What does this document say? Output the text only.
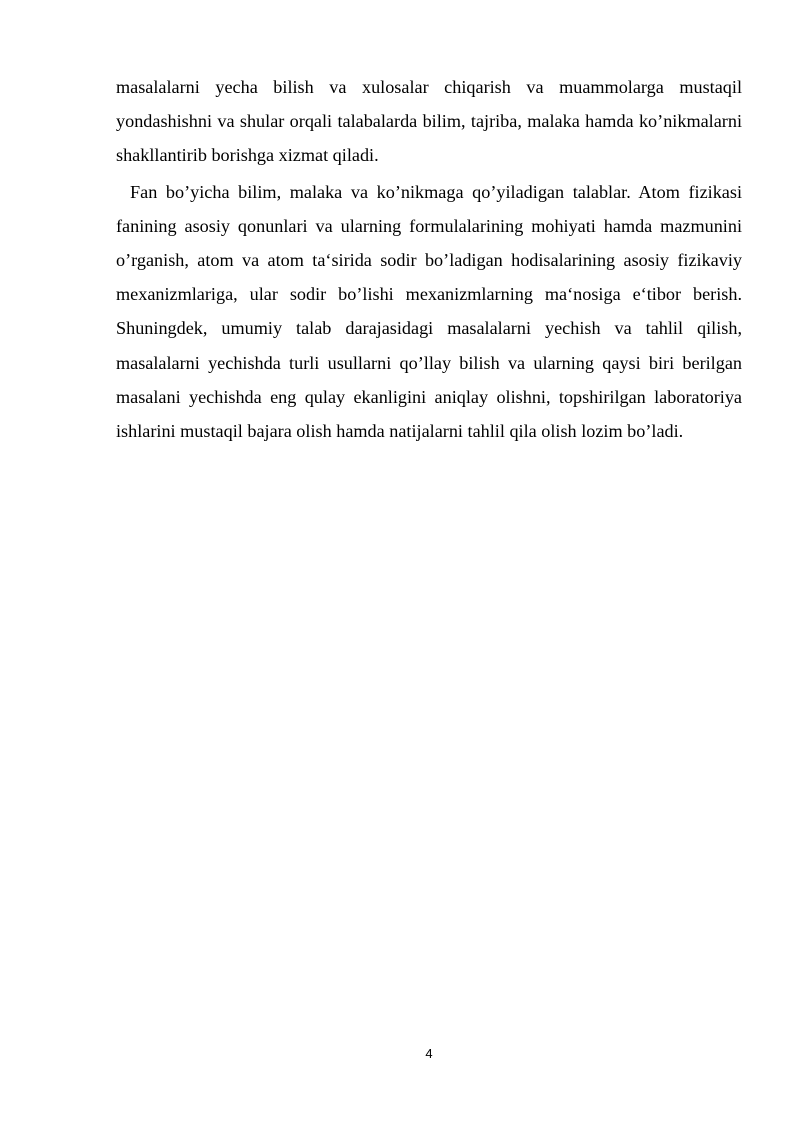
masalalarni yecha bilish va xulosalar chiqarish va muammolarga mustaqil yondashishni va shular orqali talabalarda bilim, tajriba, malaka hamda ko’nikmalarni shakllantirib borishga xizmat qiladi.

Fan bo’yicha bilim, malaka va ko’nikmaga qo’yiladigan talablar. Atom fizikasi fanining asosiy qonunlari va ularning formulalarining mohiyati hamda mazmunini o’rganish, atom va atom ta‘sirida sodir bo’ladigan hodisalarining asosiy fizikaviy mexanizmlariga, ular sodir bo’lishi mexanizmlarning ma‘nosiga e‘tibor berish. Shuningdek, umumiy talab darajasidagi masalalarni yechish va tahlil qilish, masalalarni yechishda turli usullarni qo’llay bilish va ularning qaysi biri berilgan masalani yechishda eng qulay ekanligini aniqlay olishni, topshirilgan laboratoriya ishlarini mustaqil bajara olish hamda natijalarni tahlil qila olish lozim bo’ladi.

4
